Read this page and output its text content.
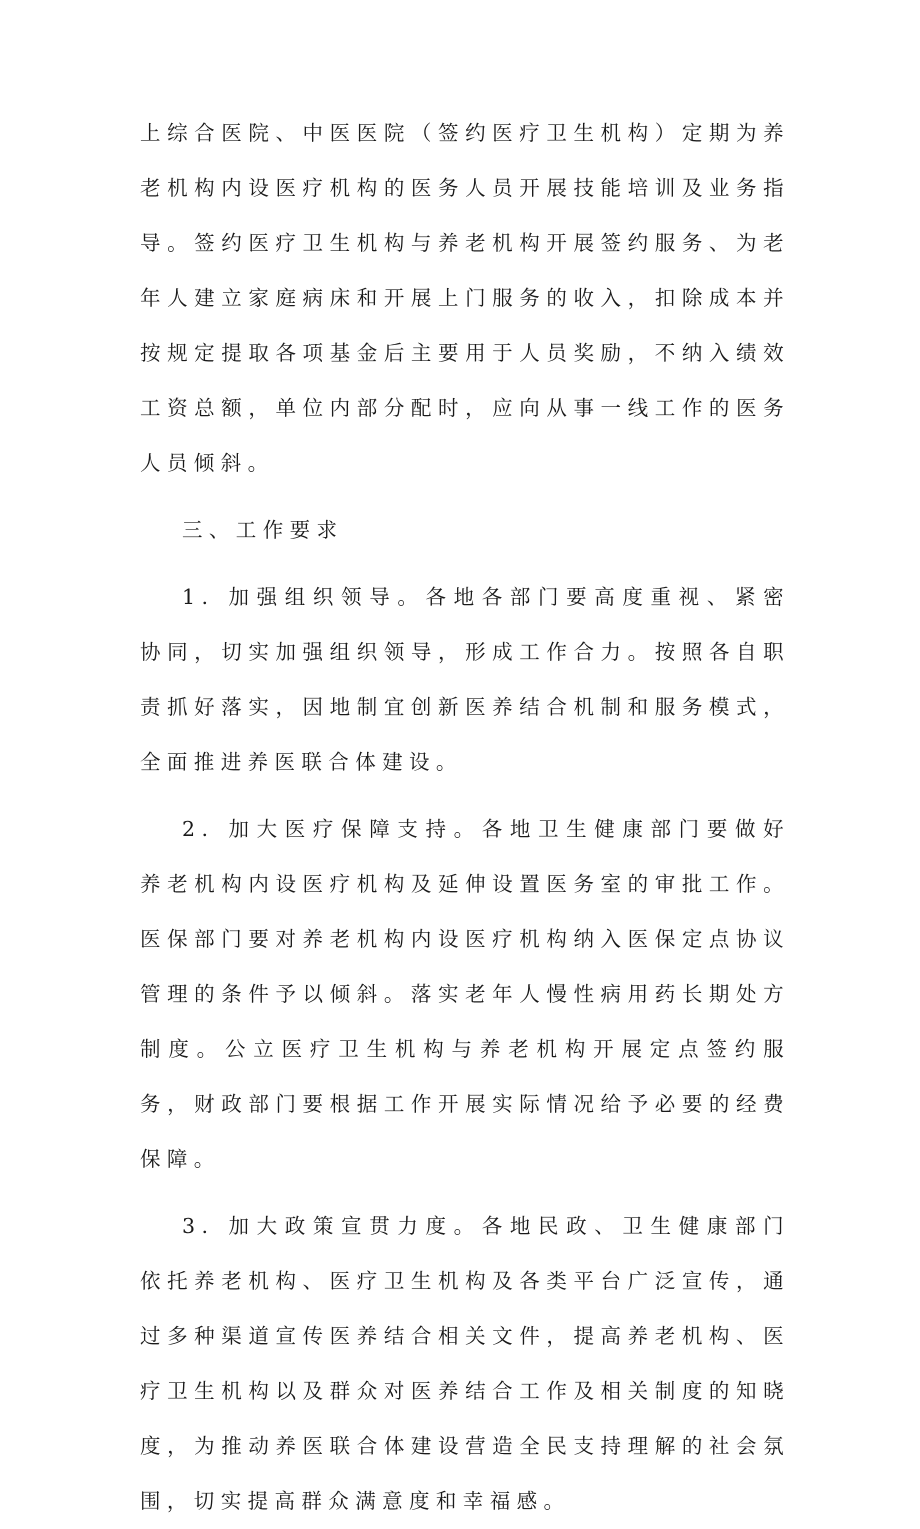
上综合医院、中医医院（签约医疗卫生机构）定期为养老机构内设医疗机构的医务人员开展技能培训及业务指导。签约医疗卫生机构与养老机构开展签约服务、为老年人建立家庭病床和开展上门服务的收入，扣除成本并按规定提取各项基金后主要用于人员奖励，不纳入绩效工资总额，单位内部分配时，应向从事一线工作的医务人员倾斜。

三、工作要求

1. 加强组织领导。各地各部门要高度重视、紧密协同，切实加强组织领导，形成工作合力。按照各自职责抓好落实，因地制宜创新医养结合机制和服务模式，全面推进养医联合体建设。

2. 加大医疗保障支持。各地卫生健康部门要做好养老机构内设医疗机构及延伸设置医务室的审批工作。医保部门要对养老机构内设医疗机构纳入医保定点协议管理的条件予以倾斜。落实老年人慢性病用药长期处方制度。公立医疗卫生机构与养老机构开展定点签约服务，财政部门要根据工作开展实际情况给予必要的经费保障。

3. 加大政策宣贯力度。各地民政、卫生健康部门依托养老机构、医疗卫生机构及各类平台广泛宣传，通过多种渠道宣传医养结合相关文件，提高养老机构、医疗卫生机构以及群众对医养结合工作及相关制度的知晓度，为推动养医联合体建设营造全民支持理解的社会氛围，切实提高群众满意度和幸福感。
